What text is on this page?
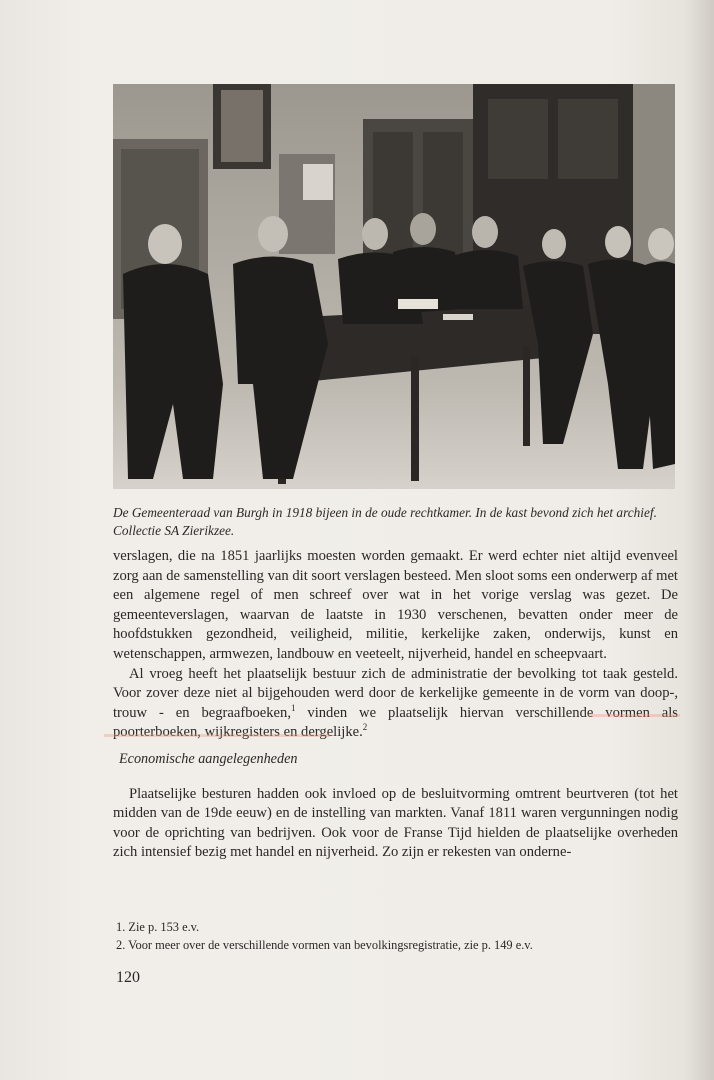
De Gemeenteraad van Burgh in 1918 bijeen in de oude rechtkamer. In de kast bevond zich het archief. Collectie SA Zierikzee.

verslagen, die na 1851 jaarlijks moesten worden gemaakt. Er werd echter niet altijd evenveel zorg aan de samenstelling van dit soort verslagen besteed. Men sloot soms een onderwerp af met een algemene regel of men schreef over wat in het vorige verslag was gezet. De gemeenteverslagen, waarvan de laatste in 1930 verschenen, bevatten onder meer de hoofdstukken gezondheid, veiligheid, militie, kerkelijke zaken, onderwijs, kunst en wetenschappen, armwezen, landbouw en veeteelt, nijverheid, handel en scheepvaart.

Al vroeg heeft het plaatselijk bestuur zich de administratie der bevolking tot taak gesteld. Voor zover deze niet al bijgehouden werd door de kerkelijke gemeente in de vorm van doop-, trouw - en begraafboeken,$^1$ vinden we plaatselijk hiervan verschillende vormen als poorterboeken, wijkregisters en dergelijke.$^2$

Economische aangelegenheden

Plaatselijke besturen hadden ook invloed op de besluitvorming omtrent beurtveren (tot het midden van de 19de eeuw) en de instelling van markten. Vanaf 1811 waren vergunningen nodig voor de oprichting van bedrijven. Ook voor de Franse Tijd hielden de plaatselijke overheden zich intensief bezig met handel en nijverheid. Zo zijn er rekesten van onderne-

1. Zie p. 153 e.v.
2. Voor meer over de verschillende vormen van bevolkingsregistratie, zie p. 149 e.v.
120
